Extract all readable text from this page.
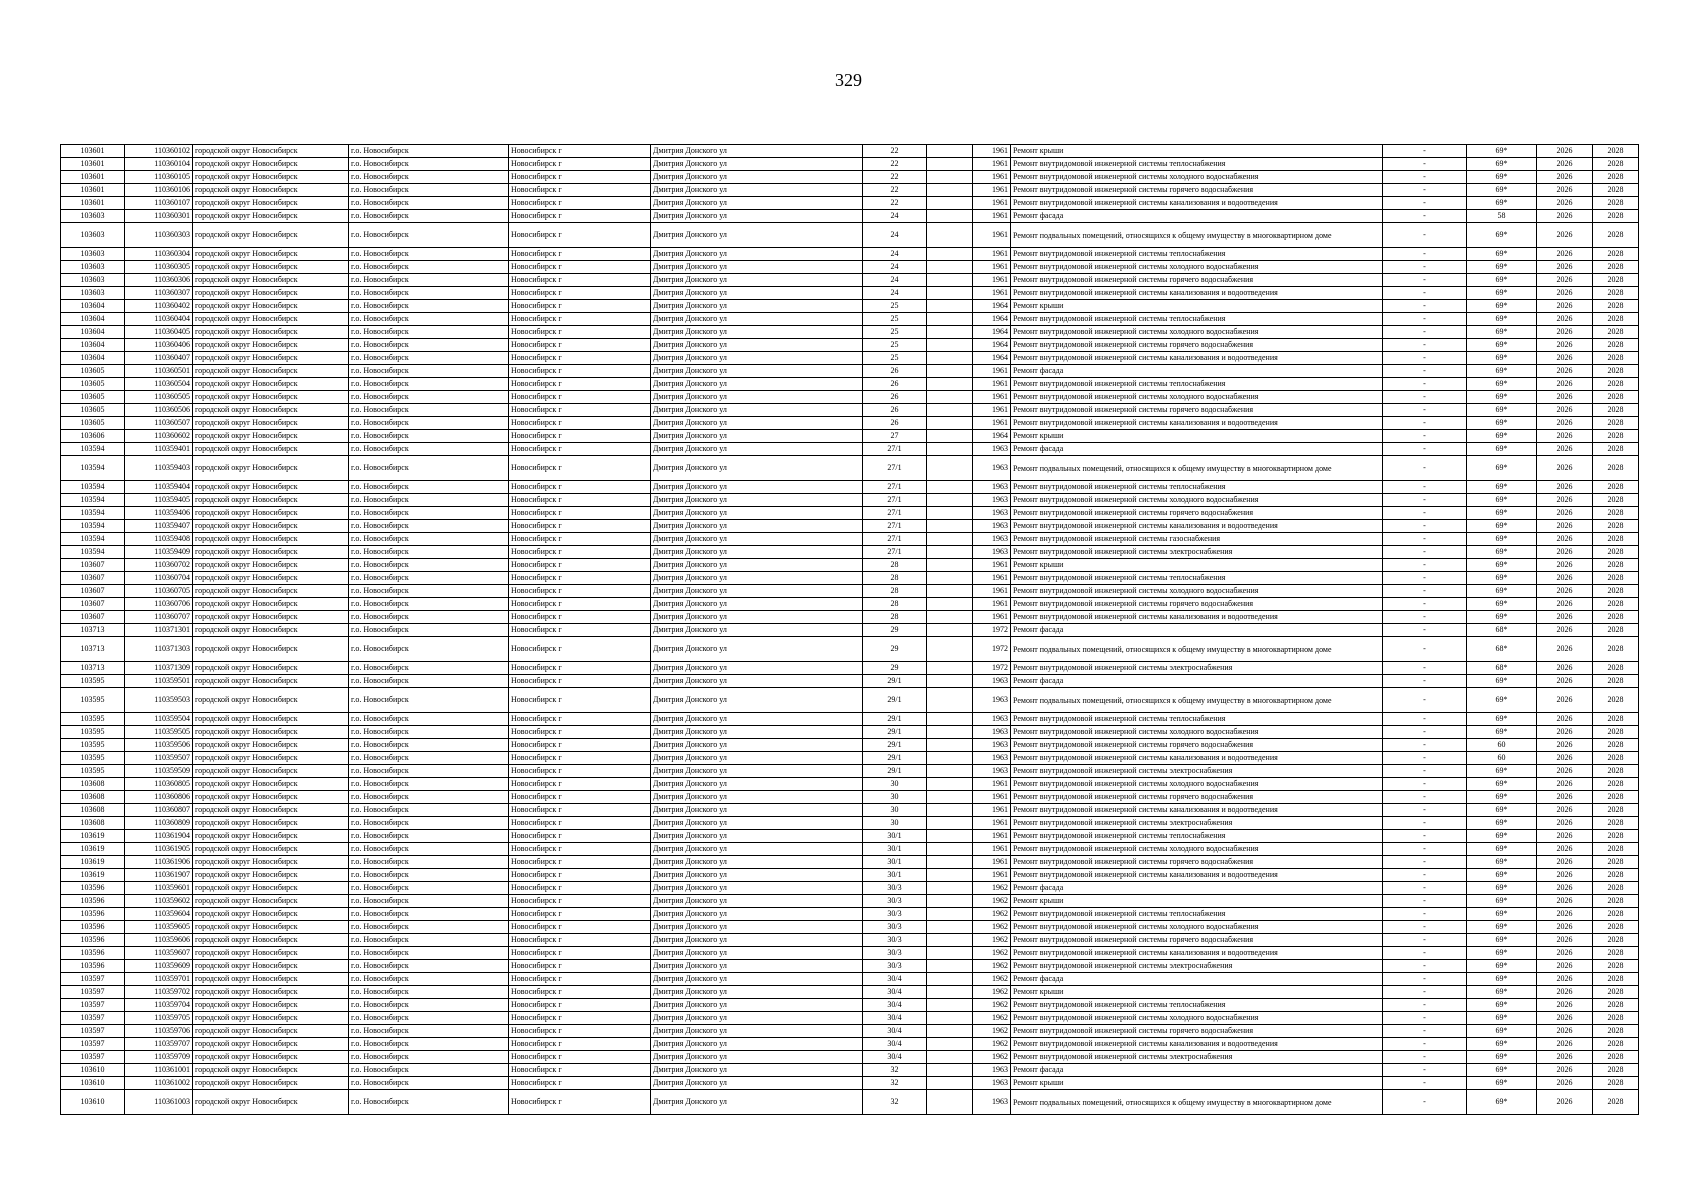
329
103601	110360102	городской округ Новосибирск	г.о. Новосибирск	Новосибирск г	Дмитрия Донского ул	22		1961	Ремонт крыши	-	69*	2026	2028
103601	110360104	городской округ Новосибирск	г.о. Новосибирск	Новосибирск г	Дмитрия Донского ул	22		1961	Ремонт внутридомовой инженерной системы теплоснабжения	-	69*	2026	2028
103601	110360105	городской округ Новосибирск	г.о. Новосибирск	Новосибирск г	Дмитрия Донского ул	22		1961	Ремонт внутридомовой инженерной системы холодного водоснабжения	-	69*	2026	2028
103601	110360106	городской округ Новосибирск	г.о. Новосибирск	Новосибирск г	Дмитрия Донского ул	22		1961	Ремонт внутридомовой инженерной системы горячего водоснабжения	-	69*	2026	2028
103601	110360107	городской округ Новосибирск	г.о. Новосибирск	Новосибирск г	Дмитрия Донского ул	22		1961	Ремонт внутридомовой инженерной системы канализования и водоотведения	-	69*	2026	2028
103603	110360301	городской округ Новосибирск	г.о. Новосибирск	Новосибирск г	Дмитрия Донского ул	24		1961	Ремонт фасада	-	58	2026	2028
103603	110360303	городской округ Новосибирск	г.о. Новосибирск	Новосибирск г	Дмитрия Донского ул	24		1961	Ремонт подвальных помещений, относящихся к общему имуществу в многоквартирном доме	-	69*	2026	2028
103603	110360304	городской округ Новосибирск	г.о. Новосибирск	Новосибирск г	Дмитрия Донского ул	24		1961	Ремонт внутридомовой инженерной системы теплоснабжения	-	69*	2026	2028
103603	110360305	городской округ Новосибирск	г.о. Новосибирск	Новосибирск г	Дмитрия Донского ул	24		1961	Ремонт внутридомовой инженерной системы холодного водоснабжения	-	69*	2026	2028
103603	110360306	городской округ Новосибирск	г.о. Новосибирск	Новосибирск г	Дмитрия Донского ул	24		1961	Ремонт внутридомовой инженерной системы горячего водоснабжения	-	69*	2026	2028
103603	110360307	городской округ Новосибирск	г.о. Новосибирск	Новосибирск г	Дмитрия Донского ул	24		1961	Ремонт внутридомовой инженерной системы канализования и водоотведения	-	69*	2026	2028
103604	110360402	городской округ Новосибирск	г.о. Новосибирск	Новосибирск г	Дмитрия Донского ул	25		1964	Ремонт крыши	-	69*	2026	2028
103604	110360404	городской округ Новосибирск	г.о. Новосибирск	Новосибирск г	Дмитрия Донского ул	25		1964	Ремонт внутридомовой инженерной системы теплоснабжения	-	69*	2026	2028
103604	110360405	городской округ Новосибирск	г.о. Новосибирск	Новосибирск г	Дмитрия Донского ул	25		1964	Ремонт внутридомовой инженерной системы холодного водоснабжения	-	69*	2026	2028
103604	110360406	городской округ Новосибирск	г.о. Новосибирск	Новосибирск г	Дмитрия Донского ул	25		1964	Ремонт внутридомовой инженерной системы горячего водоснабжения	-	69*	2026	2028
103604	110360407	городской округ Новосибирск	г.о. Новосибирск	Новосибирск г	Дмитрия Донского ул	25		1964	Ремонт внутридомовой инженерной системы канализования и водоотведения	-	69*	2026	2028
103605	110360501	городской округ Новосибирск	г.о. Новосибирск	Новосибирск г	Дмитрия Донского ул	26		1961	Ремонт фасада	-	69*	2026	2028
103605	110360504	городской округ Новосибирск	г.о. Новосибирск	Новосибирск г	Дмитрия Донского ул	26		1961	Ремонт внутридомовой инженерной системы теплоснабжения	-	69*	2026	2028
103605	110360505	городской округ Новосибирск	г.о. Новосибирск	Новосибирск г	Дмитрия Донского ул	26		1961	Ремонт внутридомовой инженерной системы холодного водоснабжения	-	69*	2026	2028
103605	110360506	городской округ Новосибирск	г.о. Новосибирск	Новосибирск г	Дмитрия Донского ул	26		1961	Ремонт внутридомовой инженерной системы горячего водоснабжения	-	69*	2026	2028
103605	110360507	городской округ Новосибирск	г.о. Новосибирск	Новосибирск г	Дмитрия Донского ул	26		1961	Ремонт внутридомовой инженерной системы канализования и водоотведения	-	69*	2026	2028
103606	110360602	городской округ Новосибирск	г.о. Новосибирск	Новосибирск г	Дмитрия Донского ул	27		1964	Ремонт крыши	-	69*	2026	2028
103594	110359401	городской округ Новосибирск	г.о. Новосибирск	Новосибирск г	Дмитрия Донского ул	27/1		1963	Ремонт фасада	-	69*	2026	2028
103594	110359403	городской округ Новосибирск	г.о. Новосибирск	Новосибирск г	Дмитрия Донского ул	27/1		1963	Ремонт подвальных помещений, относящихся к общему имуществу в многоквартирном доме	-	69*	2026	2028
103594	110359404	городской округ Новосибирск	г.о. Новосибирск	Новосибирск г	Дмитрия Донского ул	27/1		1963	Ремонт внутридомовой инженерной системы теплоснабжения	-	69*	2026	2028
103594	110359405	городской округ Новосибирск	г.о. Новосибирск	Новосибирск г	Дмитрия Донского ул	27/1		1963	Ремонт внутридомовой инженерной системы холодного водоснабжения	-	69*	2026	2028
103594	110359406	городской округ Новосибирск	г.о. Новосибирск	Новосибирск г	Дмитрия Донского ул	27/1		1963	Ремонт внутридомовой инженерной системы горячего водоснабжения	-	69*	2026	2028
103594	110359407	городской округ Новосибирск	г.о. Новосибирск	Новосибирск г	Дмитрия Донского ул	27/1		1963	Ремонт внутридомовой инженерной системы канализования и водоотведения	-	69*	2026	2028
103594	110359408	городской округ Новосибирск	г.о. Новосибирск	Новосибирск г	Дмитрия Донского ул	27/1		1963	Ремонт внутридомовой инженерной системы газоснабжения	-	69*	2026	2028
103594	110359409	городской округ Новосибирск	г.о. Новосибирск	Новосибирск г	Дмитрия Донского ул	27/1		1963	Ремонт внутридомовой инженерной системы электроснабжения	-	69*	2026	2028
103607	110360702	городской округ Новосибирск	г.о. Новосибирск	Новосибирск г	Дмитрия Донского ул	28		1961	Ремонт крыши	-	69*	2026	2028
103607	110360704	городской округ Новосибирск	г.о. Новосибирск	Новосибирск г	Дмитрия Донского ул	28		1961	Ремонт внутридомовой инженерной системы теплоснабжения	-	69*	2026	2028
103607	110360705	городской округ Новосибирск	г.о. Новосибирск	Новосибирск г	Дмитрия Донского ул	28		1961	Ремонт внутридомовой инженерной системы холодного водоснабжения	-	69*	2026	2028
103607	110360706	городской округ Новосибирск	г.о. Новосибирск	Новосибирск г	Дмитрия Донского ул	28		1961	Ремонт внутридомовой инженерной системы горячего водоснабжения	-	69*	2026	2028
103607	110360707	городской округ Новосибирск	г.о. Новосибирск	Новосибирск г	Дмитрия Донского ул	28		1961	Ремонт внутридомовой инженерной системы канализования и водоотведения	-	69*	2026	2028
103713	110371301	городской округ Новосибирск	г.о. Новосибирск	Новосибирск г	Дмитрия Донского ул	29		1972	Ремонт фасада	-	68*	2026	2028
103713	110371303	городской округ Новосибирск	г.о. Новосибирск	Новосибирск г	Дмитрия Донского ул	29		1972	Ремонт подвальных помещений, относящихся к общему имуществу в многоквартирном доме	-	68*	2026	2028
103713	110371309	городской округ Новосибирск	г.о. Новосибирск	Новосибирск г	Дмитрия Донского ул	29		1972	Ремонт внутридомовой инженерной системы электроснабжения	-	68*	2026	2028
103595	110359501	городской округ Новосибирск	г.о. Новосибирск	Новосибирск г	Дмитрия Донского ул	29/1		1963	Ремонт фасада	-	69*	2026	2028
103595	110359503	городской округ Новосибирск	г.о. Новосибирск	Новосибирск г	Дмитрия Донского ул	29/1		1963	Ремонт подвальных помещений, относящихся к общему имуществу в многоквартирном доме	-	69*	2026	2028
103595	110359504	городской округ Новосибирск	г.о. Новосибирск	Новосибирск г	Дмитрия Донского ул	29/1		1963	Ремонт внутридомовой инженерной системы теплоснабжения	-	69*	2026	2028
103595	110359505	городской округ Новосибирск	г.о. Новосибирск	Новосибирск г	Дмитрия Донского ул	29/1		1963	Ремонт внутридомовой инженерной системы холодного водоснабжения	-	69*	2026	2028
103595	110359506	городской округ Новосибирск	г.о. Новосибирск	Новосибирск г	Дмитрия Донского ул	29/1		1963	Ремонт внутридомовой инженерной системы горячего водоснабжения	-	60	2026	2028
103595	110359507	городской округ Новосибирск	г.о. Новосибирск	Новосибирск г	Дмитрия Донского ул	29/1		1963	Ремонт внутридомовой инженерной системы канализования и водоотведения	-	60	2026	2028
103595	110359509	городской округ Новосибирск	г.о. Новосибирск	Новосибирск г	Дмитрия Донского ул	29/1		1963	Ремонт внутридомовой инженерной системы электроснабжения	-	69*	2026	2028
103608	110360805	городской округ Новосибирск	г.о. Новосибирск	Новосибирск г	Дмитрия Донского ул	30		1961	Ремонт внутридомовой инженерной системы холодного водоснабжения	-	69*	2026	2028
103608	110360806	городской округ Новосибирск	г.о. Новосибирск	Новосибирск г	Дмитрия Донского ул	30		1961	Ремонт внутридомовой инженерной системы горячего водоснабжения	-	69*	2026	2028
103608	110360807	городской округ Новосибирск	г.о. Новосибирск	Новосибирск г	Дмитрия Донского ул	30		1961	Ремонт внутридомовой инженерной системы канализования и водоотведения	-	69*	2026	2028
103608	110360809	городской округ Новосибирск	г.о. Новосибирск	Новосибирск г	Дмитрия Донского ул	30		1961	Ремонт внутридомовой инженерной системы электроснабжения	-	69*	2026	2028
103619	110361904	городской округ Новосибирск	г.о. Новосибирск	Новосибирск г	Дмитрия Донского ул	30/1		1961	Ремонт внутридомовой инженерной системы теплоснабжения	-	69*	2026	2028
103619	110361905	городской округ Новосибирск	г.о. Новосибирск	Новосибирск г	Дмитрия Донского ул	30/1		1961	Ремонт внутридомовой инженерной системы холодного водоснабжения	-	69*	2026	2028
103619	110361906	городской округ Новосибирск	г.о. Новосибирск	Новосибирск г	Дмитрия Донского ул	30/1		1961	Ремонт внутридомовой инженерной системы горячего водоснабжения	-	69*	2026	2028
103619	110361907	городской округ Новосибирск	г.о. Новосибирск	Новосибирск г	Дмитрия Донского ул	30/1		1961	Ремонт внутридомовой инженерной системы канализования и водоотведения	-	69*	2026	2028
103596	110359601	городской округ Новосибирск	г.о. Новосибирск	Новосибирск г	Дмитрия Донского ул	30/3		1962	Ремонт фасада	-	69*	2026	2028
103596	110359602	городской округ Новосибирск	г.о. Новосибирск	Новосибирск г	Дмитрия Донского ул	30/3		1962	Ремонт крыши	-	69*	2026	2028
103596	110359604	городской округ Новосибирск	г.о. Новосибирск	Новосибирск г	Дмитрия Донского ул	30/3		1962	Ремонт внутридомовой инженерной системы теплоснабжения	-	69*	2026	2028
103596	110359605	городской округ Новосибирск	г.о. Новосибирск	Новосибирск г	Дмитрия Донского ул	30/3		1962	Ремонт внутридомовой инженерной системы холодного водоснабжения	-	69*	2026	2028
103596	110359606	городской округ Новосибирск	г.о. Новосибирск	Новосибирск г	Дмитрия Донского ул	30/3		1962	Ремонт внутридомовой инженерной системы горячего водоснабжения	-	69*	2026	2028
103596	110359607	городской округ Новосибирск	г.о. Новосибирск	Новосибирск г	Дмитрия Донского ул	30/3		1962	Ремонт внутридомовой инженерной системы канализования и водоотведения	-	69*	2026	2028
103596	110359609	городской округ Новосибирск	г.о. Новосибирск	Новосибирск г	Дмитрия Донского ул	30/3		1962	Ремонт внутридомовой инженерной системы электроснабжения	-	69*	2026	2028
103597	110359701	городской округ Новосибирск	г.о. Новосибирск	Новосибирск г	Дмитрия Донского ул	30/4		1962	Ремонт фасада	-	69*	2026	2028
103597	110359702	городской округ Новосибирск	г.о. Новосибирск	Новосибирск г	Дмитрия Донского ул	30/4		1962	Ремонт крыши	-	69*	2026	2028
103597	110359704	городской округ Новосибирск	г.о. Новосибирск	Новосибирск г	Дмитрия Донского ул	30/4		1962	Ремонт внутридомовой инженерной системы теплоснабжения	-	69*	2026	2028
103597	110359705	городской округ Новосибирск	г.о. Новосибирск	Новосибирск г	Дмитрия Донского ул	30/4		1962	Ремонт внутридомовой инженерной системы холодного водоснабжения	-	69*	2026	2028
103597	110359706	городской округ Новосибирск	г.о. Новосибирск	Новосибирск г	Дмитрия Донского ул	30/4		1962	Ремонт внутридомовой инженерной системы горячего водоснабжения	-	69*	2026	2028
103597	110359707	городской округ Новосибирск	г.о. Новосибирск	Новосибирск г	Дмитрия Донского ул	30/4		1962	Ремонт внутридомовой инженерной системы канализования и водоотведения	-	69*	2026	2028
103597	110359709	городской округ Новосибирск	г.о. Новосибирск	Новосибирск г	Дмитрия Донского ул	30/4		1962	Ремонт внутридомовой инженерной системы электроснабжения	-	69*	2026	2028
103610	110361001	городской округ Новосибирск	г.о. Новосибирск	Новосибирск г	Дмитрия Донского ул	32		1963	Ремонт фасада	-	69*	2026	2028
103610	110361002	городской округ Новосибирск	г.о. Новосибирск	Новосибирск г	Дмитрия Донского ул	32		1963	Ремонт крыши	-	69*	2026	2028
103610	110361003	городской округ Новосибирск	г.о. Новосибирск	Новосибирск г	Дмитрия Донского ул	32		1963	Ремонт подвальных помещений, относящихся к общему имуществу в многоквартирном доме	-	69*	2026	2028
